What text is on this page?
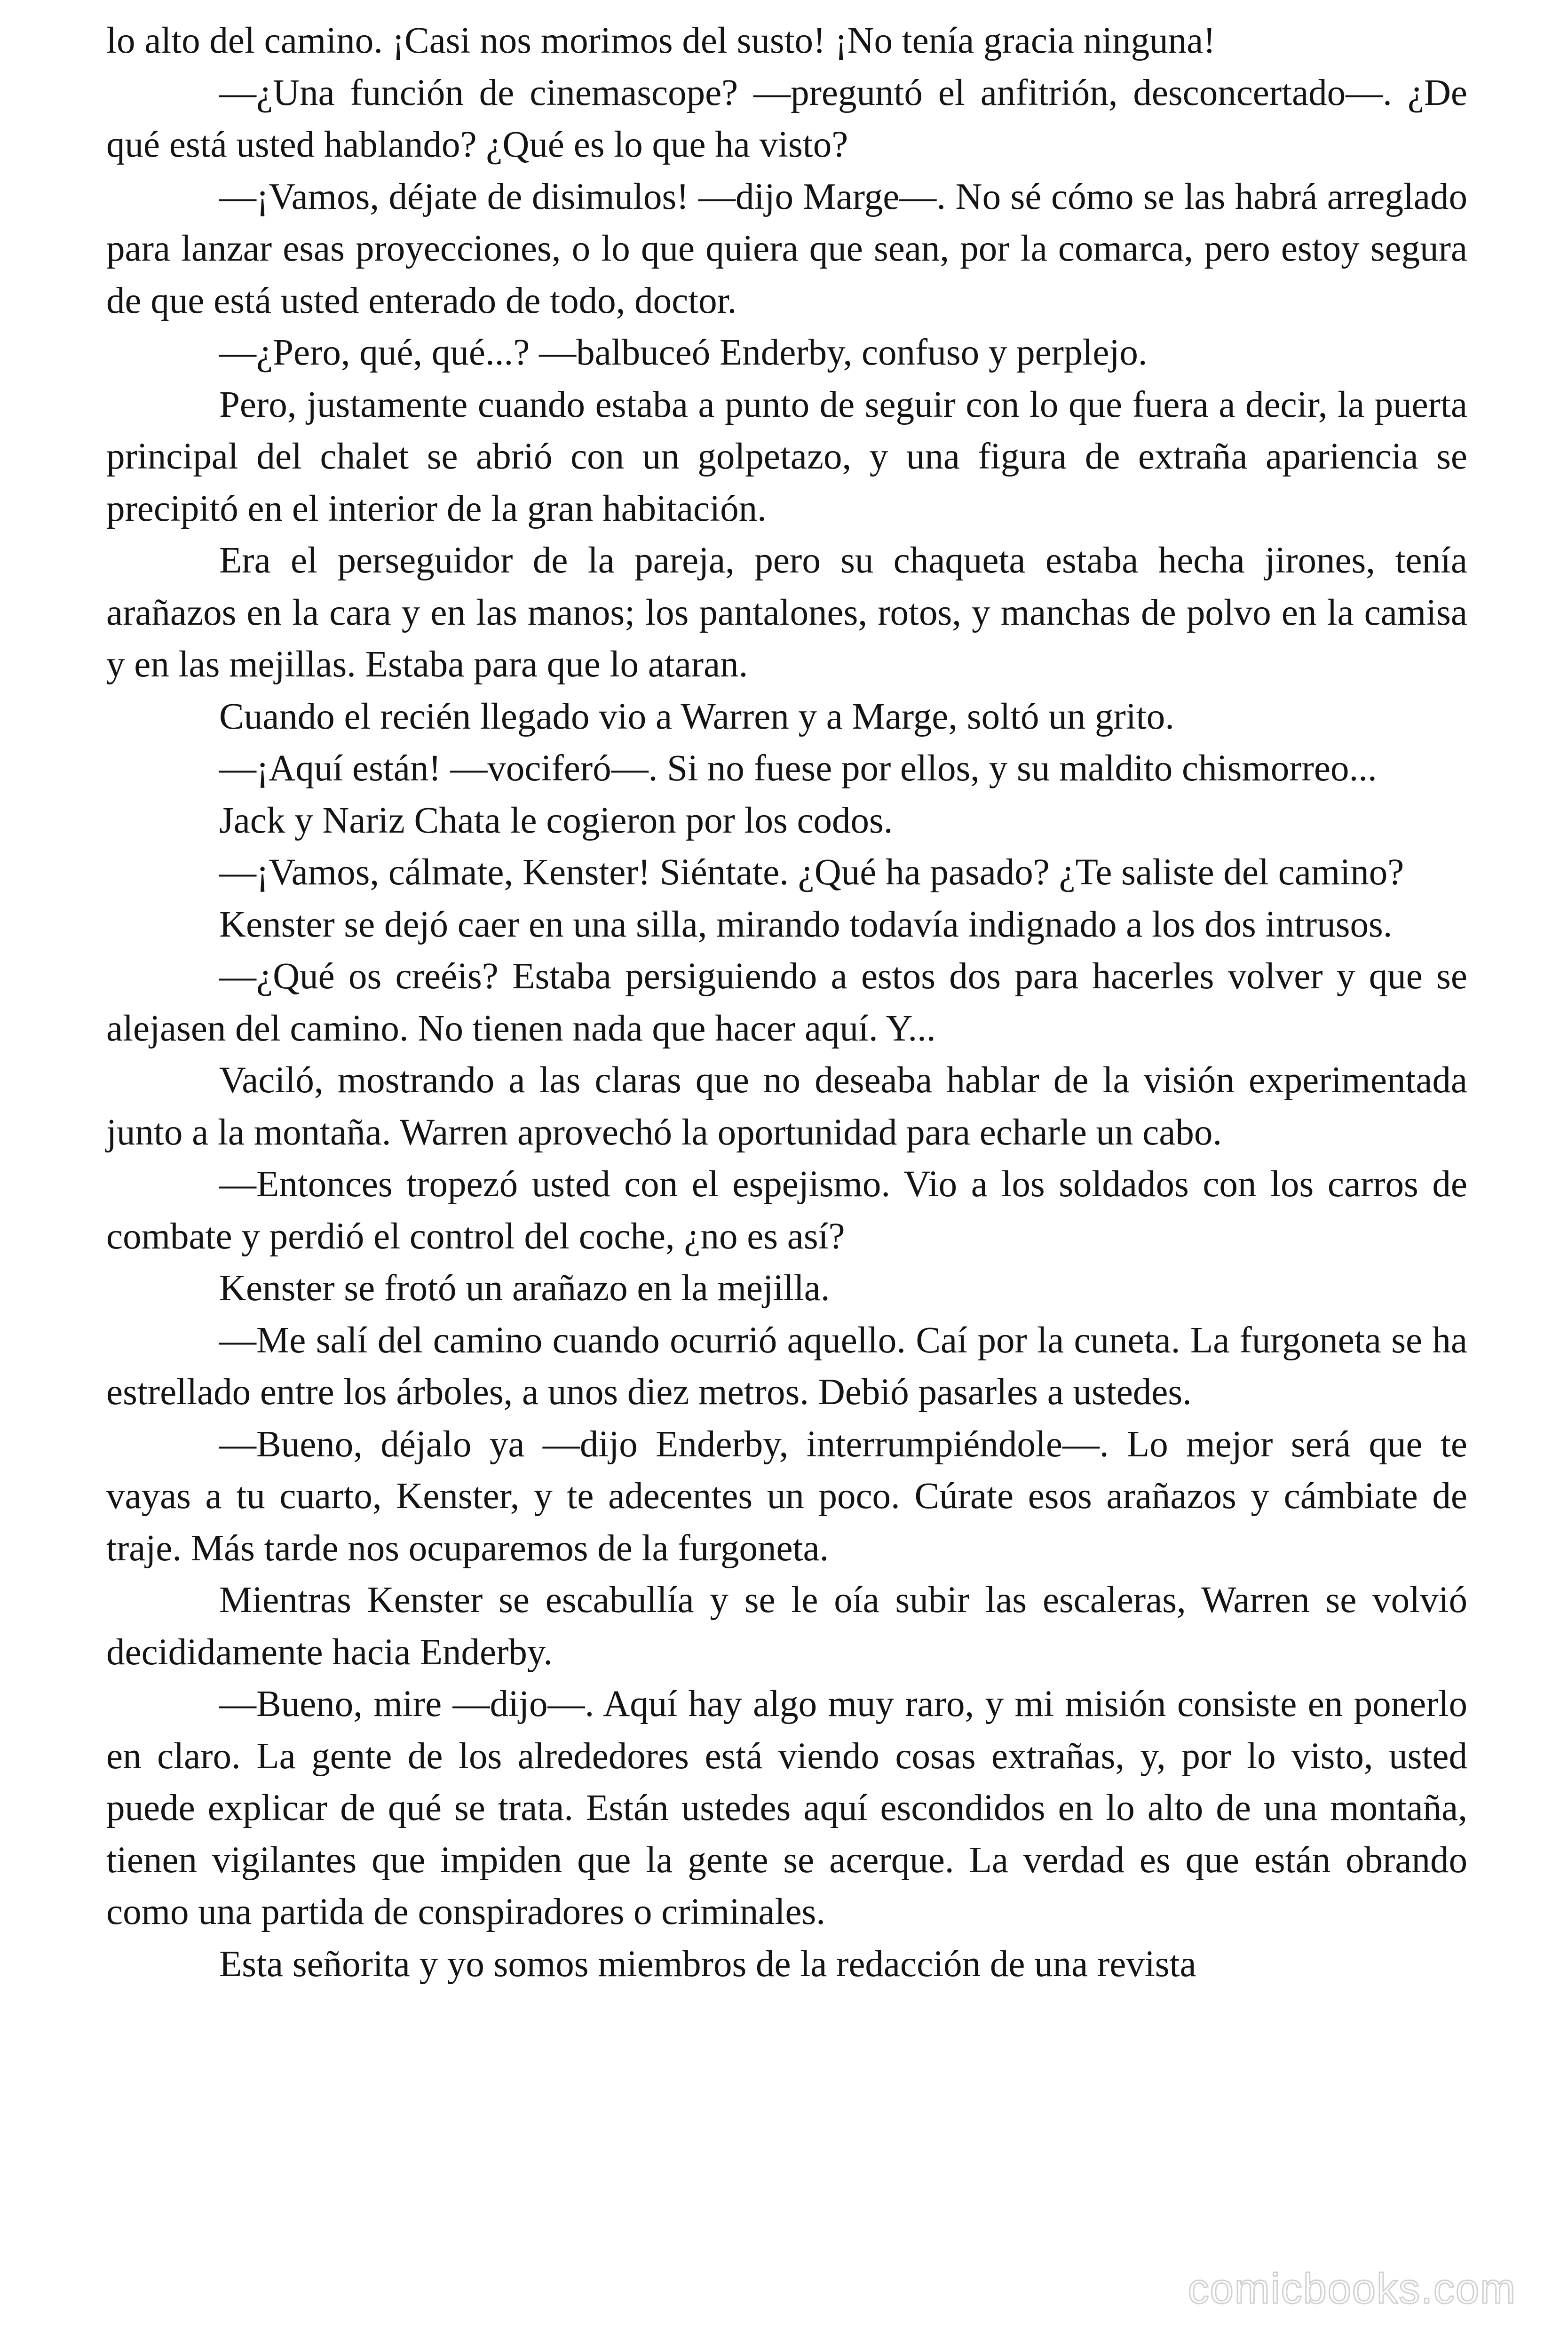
lo alto del camino. ¡Casi nos morimos del susto! ¡No tenía gracia ninguna!

—¿Una función de cinemascope? —preguntó el anfitrión, desconcertado—. ¿De qué está usted hablando? ¿Qué es lo que ha visto?

—¡Vamos, déjate de disimulos! —dijo Marge—. No sé cómo se las habrá arreglado para lanzar esas proyecciones, o lo que quiera que sean, por la comarca, pero estoy segura de que está usted enterado de todo, doctor.

—¿Pero, qué, qué...? —balbuceó Enderby, confuso y perplejo.

Pero, justamente cuando estaba a punto de seguir con lo que fuera a decir, la puerta principal del chalet se abrió con un golpetazo, y una figura de extraña apariencia se precipitó en el interior de la gran habitación.

Era el perseguidor de la pareja, pero su chaqueta estaba hecha jirones, tenía arañazos en la cara y en las manos; los pantalones, rotos, y manchas de polvo en la camisa y en las mejillas. Estaba para que lo ataran.

Cuando el recién llegado vio a Warren y a Marge, soltó un grito.

—¡Aquí están! —vociferó—. Si no fuese por ellos, y su maldito chismorreo...

Jack y Nariz Chata le cogieron por los codos.

—¡Vamos, cálmate, Kenster! Siéntate. ¿Qué ha pasado? ¿Te saliste del camino?

Kenster se dejó caer en una silla, mirando todavía indignado a los dos intrusos.

—¿Qué os creéis? Estaba persiguiendo a estos dos para hacerles volver y que se alejasen del camino. No tienen nada que hacer aquí. Y...

Vaciló, mostrando a las claras que no deseaba hablar de la visión experimentada junto a la montaña. Warren aprovechó la oportunidad para echarle un cabo.

—Entonces tropezó usted con el espejismo. Vio a los soldados con los carros de combate y perdió el control del coche, ¿no es así?

Kenster se frotó un arañazo en la mejilla.

—Me salí del camino cuando ocurrió aquello. Caí por la cuneta. La furgoneta se ha estrellado entre los árboles, a unos diez metros. Debió pasarles a ustedes.

—Bueno, déjalo ya —dijo Enderby, interrumpiéndole—. Lo mejor será que te vayas a tu cuarto, Kenster, y te adecentes un poco. Cúrate esos arañazos y cámbiate de traje. Más tarde nos ocuparemos de la furgoneta.

Mientras Kenster se escabullía y se le oía subir las escaleras, Warren se volvió decididamente hacia Enderby.

—Bueno, mire —dijo—. Aquí hay algo muy raro, y mi misión consiste en ponerlo en claro. La gente de los alrededores está viendo cosas extrañas, y, por lo visto, usted puede explicar de qué se trata. Están ustedes aquí escondidos en lo alto de una montaña, tienen vigilantes que impiden que la gente se acerque. La verdad es que están obrando como una partida de conspiradores o criminales.

Esta señorita y yo somos miembros de la redacción de una revista

comicbooks.com
